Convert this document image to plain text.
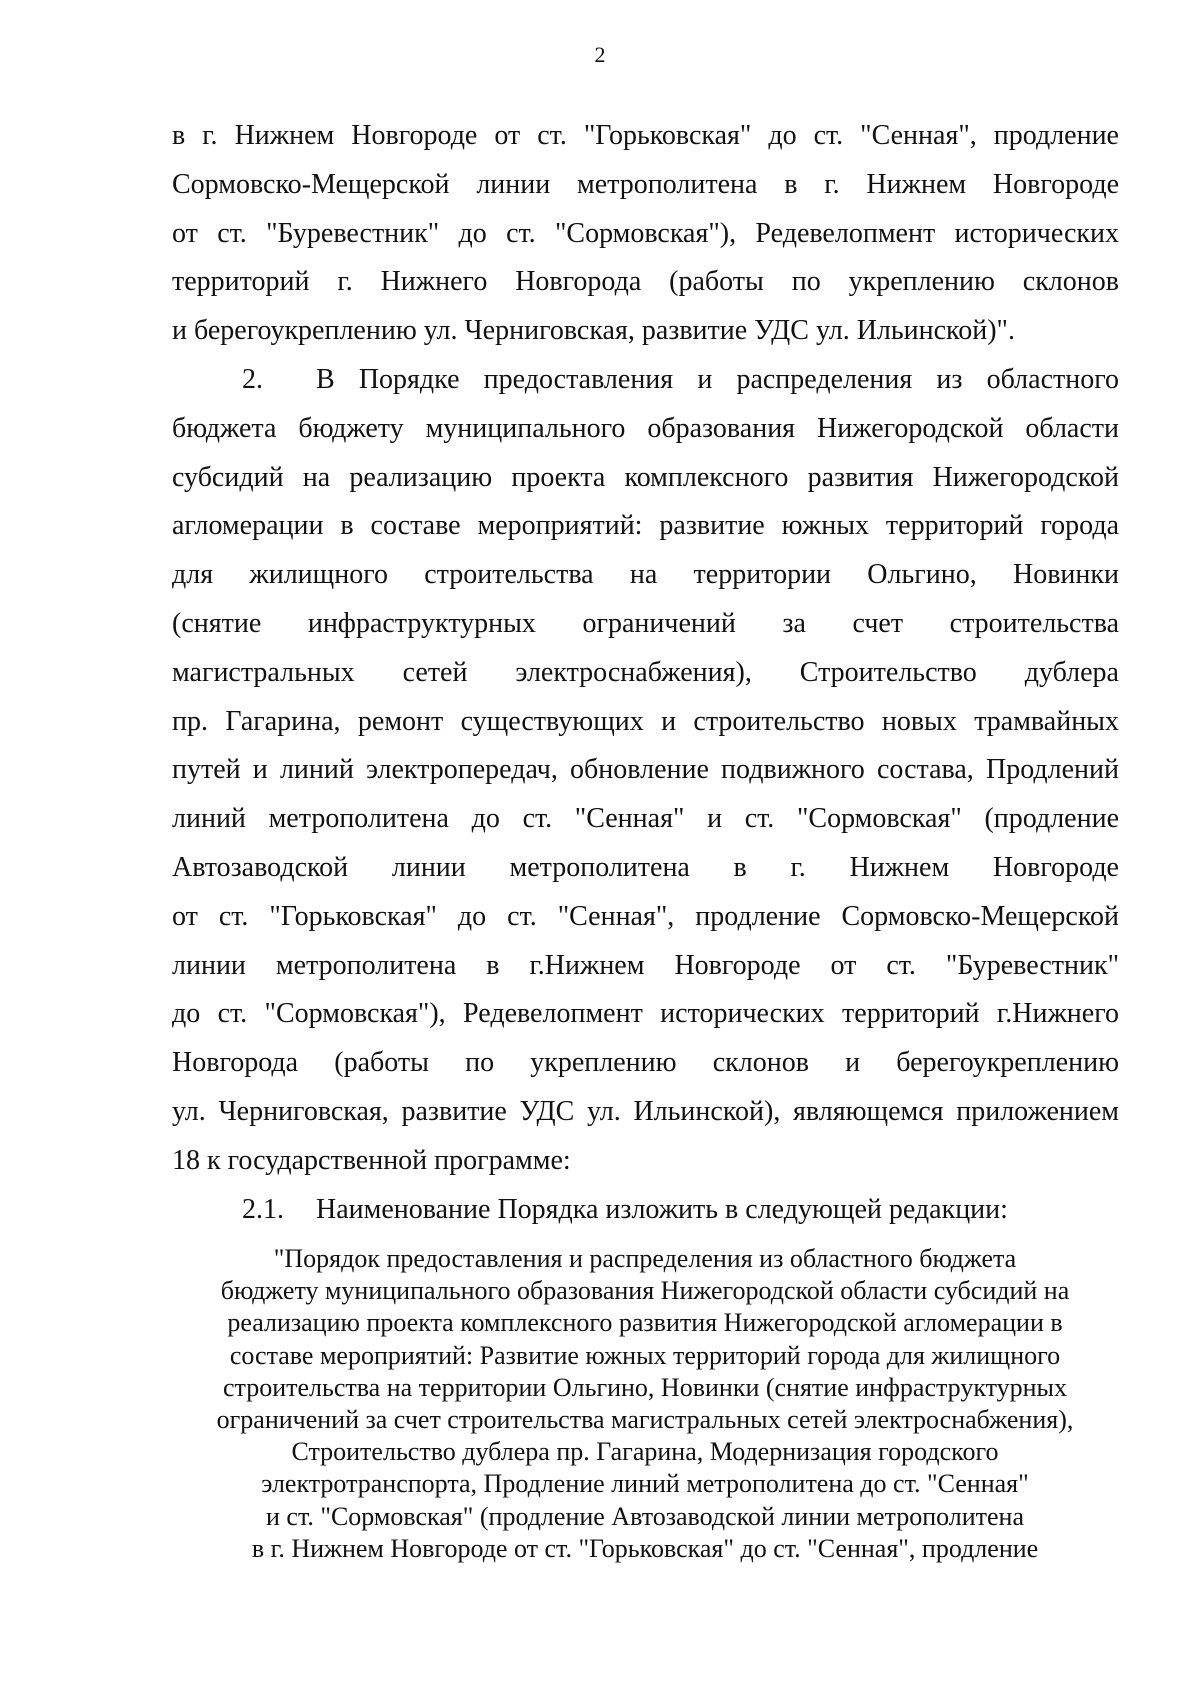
2
в г. Нижнем Новгороде от ст. "Горьковская" до ст. "Сенная", продление
Сормовско-Мещерской линии метрополитена в г. Нижнем Новгороде
от ст. "Буревестник" до ст. "Сормовская"), Редевелопмент исторических
территорий г. Нижнего Новгорода (работы по укреплению склонов
и берегоукреплению ул. Черниговская, развитие УДС ул. Ильинской)".
2. В Порядке предоставления и распределения из областного
бюджета бюджету муниципального образования Нижегородской области
субсидий на реализацию проекта комплексного развития Нижегородской
агломерации в составе мероприятий: развитие южных территорий города
для жилищного строительства на территории Ольгино, Новинки
(снятие инфраструктурных ограничений за счет строительства
магистральных сетей электроснабжения), Строительство дублера
пр. Гагарина, ремонт существующих и строительство новых трамвайных
путей и линий электропередач, обновление подвижного состава, Продлений
линий метрополитена до ст. "Сенная" и ст. "Сормовская" (продление
Автозаводской линии метрополитена в г. Нижнем Новгороде
от ст. "Горьковская" до ст. "Сенная", продление Сормовско-Мещерской
линии метрополитена в г.Нижнем Новгороде от ст. "Буревестник"
до ст. "Сормовская"), Редевелопмент исторических территорий г.Нижнего
Новгорода (работы по укреплению склонов и берегоукреплению
ул. Черниговская, развитие УДС ул. Ильинской), являющемся приложением
18 к государственной программе:
2.1. Наименование Порядка изложить в следующей редакции:
"Порядок предоставления и распределения из областного бюджета
бюджету муниципального образования Нижегородской области субсидий на
реализацию проекта комплексного развития Нижегородской агломерации в
составе мероприятий: Развитие южных территорий города для жилищного
строительства на территории Ольгино, Новинки (снятие инфраструктурных
ограничений за счет строительства магистральных сетей электроснабжения),
Строительство дублера пр. Гагарина, Модернизация городского
электротранспорта, Продление линий метрополитена до ст. "Сенная"
и ст. "Сормовская" (продление Автозаводской линии метрополитена
в г. Нижнем Новгороде от ст. "Горьковская" до ст. "Сенная", продление
